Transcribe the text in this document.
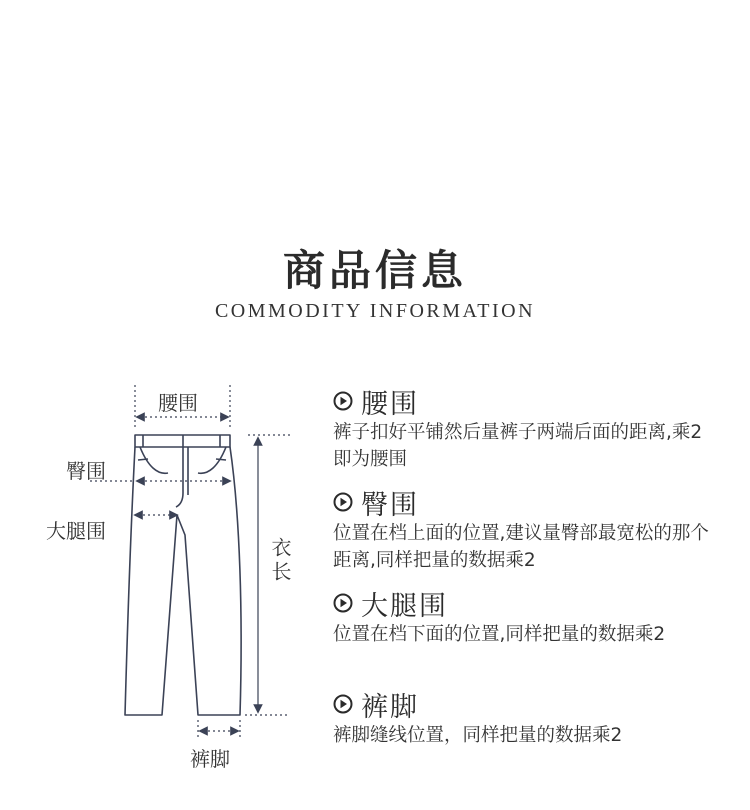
商品信息
COMMODITY INFORMATION
腰围
臀围
大腿围
衣长
裤脚
腰围
裤子扣好平铺然后量裤子两端后面的距离,乘2即为腰围
臀围
位置在档上面的位置,建议量臀部最宽松的那个距离,同样把量的数据乘2
大腿围
位置在档下面的位置,同样把量的数据乘2
裤脚
裤脚缝线位置，同样把量的数据乘2
